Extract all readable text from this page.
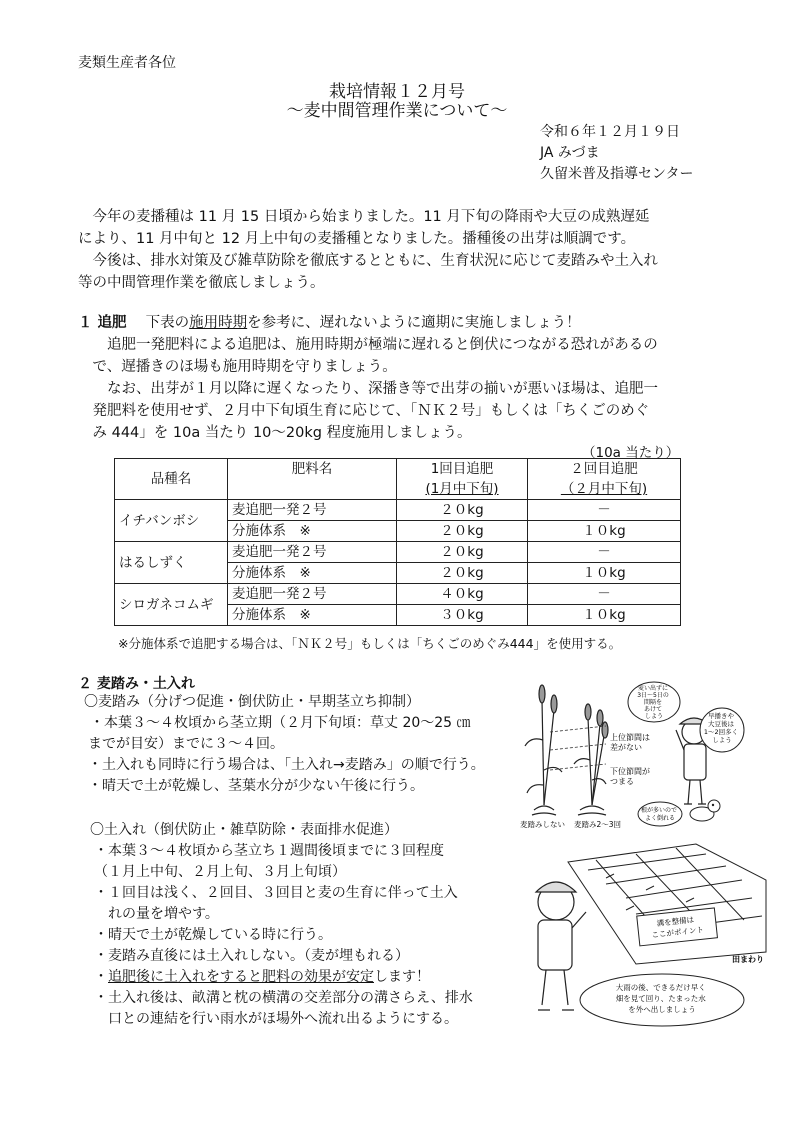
麦類生産者各位
栽培情報１２月号
～麦中間管理作業について～
令和６年１２月１９日
JA みづま
久留米普及指導センター
今年の麦播種は 11 月 15 日頃から始まりました。11 月下旬の降雨や大豆の成熟遅延
により、11 月中旬と 12 月上中旬の麦播種となりました。播種後の出芽は順調です。
今後は、排水対策及び雑草防除を徹底するとともに、生育状況に応じて麦踏みや土入れ
等の中間管理作業を徹底しましょう。
１ 追肥　 下表の施用時期を参考に、遅れないように適期に実施しましょう！
追肥一発肥料による追肥は、施用時期が極端に遅れると倒伏につながる恐れがあるの
で、遅播きのほ場も施用時期を守りましょう。
なお、出芽が１月以降に遅くなったり、深播き等で出芽の揃いが悪いほ場は、追肥一
発肥料を使用せず、２月中下旬頃生育に応じて、「ＮＫ２号」もしくは「ちくごのめぐ
み 444」を 10a 当たり 10～20kg 程度施用しましょう。
（10a 当たり）
品種名	肥料名	1回目追肥	２回目追肥
		(1月中下旬)	（２月中下旬)
イチバンボシ	麦追肥一発２号	２０kg	－
	分施体系　※	２０kg	１０kg
はるしずく	麦追肥一発２号	２０kg	－
	分施体系　※	２０kg	１０kg
シロガネコムギ	麦追肥一発２号	４０kg	－
	分施体系　※	３０kg	１０kg
※分施体系で追肥する場合は、「ＮＫ２号」もしくは「ちくごのめぐみ444」を使用する。
２ 麦踏み・土入れ
〇麦踏み（分げつ促進・倒伏防止・早期茎立ち抑制）
・本葉３～４枚頃から茎立期（２月下旬頃：草丈 20～25 ㎝
までが目安）までに３～４回。
・土入れも同時に行う場合は、「土入れ→麦踏み」の順で行う。
・晴天で土が乾燥し、茎葉水分が少ない午後に行う。
〇土入れ（倒伏防止・雑草防除・表面排水促進）
・本葉３～４枚頃から茎立ち１週間後頃までに３回程度
（１月上中旬、２月上旬、３月上旬頃）
・１回目は浅く、２回目、３回目と麦の生育に伴って土入
れの量を増やす。
・晴天で土が乾燥している時に行う。
・麦踏み直後には土入れしない。（麦が埋もれる）
・追肥後に土入れをすると肥料の効果が安定します！
・土入れ後は、畝溝と枕の横溝の交差部分の溝さらえ、排水
口との連結を行い雨水がほ場外へ流れ出るようにする。
上位節間は
差がない
下位節間が
つまる
麦踏みしない 麦踏み2～3回
麦い出ずに 3日～5日の 間隔を あけて しよう	早播きや 大豆後は 1～2回多く しよう
根が多いので よく倒れる
溝を整備は ここがポイント
田まわり
大雨の後、できるだけ早く 畑を見て回り、たまった水 を外へ出しましょう
